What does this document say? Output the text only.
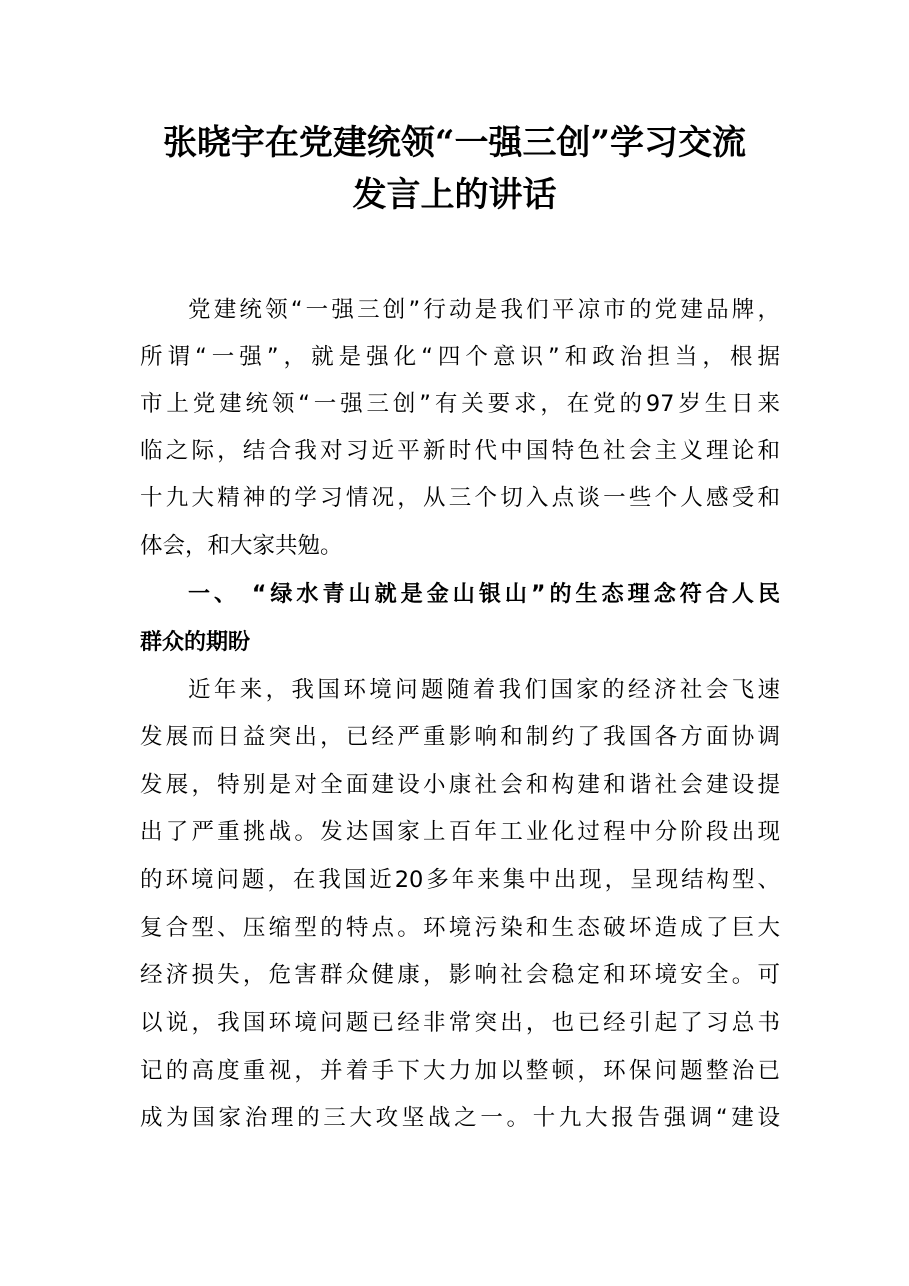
张晓宇在党建统领“一强三创”学习交流
发言上的讲话
党建统领“一强三创”行动是我们平凉市的党建品牌，
所谓“一强”，就是强化“四个意识”和政治担当，根据
市上党建统领“一强三创”有关要求，在党的97岁生日来
临之际，结合我对习近平新时代中国特色社会主义理论和
十九大精神的学习情况，从三个切入点谈一些个人感受和
体会，和大家共勉。
一、 “绿水青山就是金山银山”的生态理念符合人民
群众的期盼
近年来，我国环境问题随着我们国家的经济社会飞速
发展而日益突出，已经严重影响和制约了我国各方面协调
发展，特别是对全面建设小康社会和构建和谐社会建设提
出了严重挑战。发达国家上百年工业化过程中分阶段出现
的环境问题，在我国近20多年来集中出现，呈现结构型、
复合型、压缩型的特点。环境污染和生态破坏造成了巨大
经济损失，危害群众健康，影响社会稳定和环境安全。可
以说，我国环境问题已经非常突出，也已经引起了习总书
记的高度重视，并着手下大力加以整顿，环保问题整治已
成为国家治理的三大攻坚战之一。十九大报告强调“建设
